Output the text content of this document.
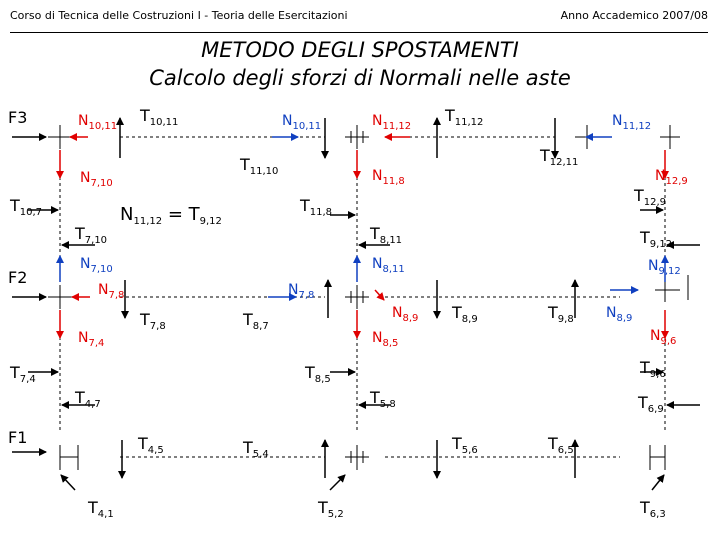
Corso di Tecnica delle Costruzioni I - Teoria delle Esercitazioni	Anno Accademico 2007/08
METODO DEGLI SPOSTAMENTI
Calcolo degli sforzi di Normali nelle aste
F3
F2
F1
$N_{11,12} = T_{9,12}$
$N_{10,11}$
$T_{10,11}$	$N_{10,11}$	$N_{11,12}$
$T_{11,12}$	$N_{11,12}$
$T_{12,11}$
$T_{11,10}$
$N_{7,10}$	$N_{11,8}$	$N_{12,9}$
$T_{12,9}$
$T_{10,7}$	$T_{11,8}$
$T_{7,10}$	$T_{8,11}$	$T_{9,12}$
$N_{7,10}$	$N_{8,11}$	$N_{9,12}$
$N_{7,8}$	$N_{7,8}$
$T_{7,8}$	$T_{8,7}$
$N_{8,9}$ $T_{8,9}$	$T_{9,8}$ $N_{8,9}$
$N_{7,4}$	$N_{8,5}$	$N_{9,6}$
$T_{7,4}$	$T_{8,5}$
$T_{9,6}$
$T_{4,7}$	$T_{5,8}$	$T_{6,9}$
$T_{4,5}$	$T_{5,4}$
$T_{5,6}$	$T_{6,5}$
$T_{4,1}$	$T_{5,2}$	$T_{6,3}$
